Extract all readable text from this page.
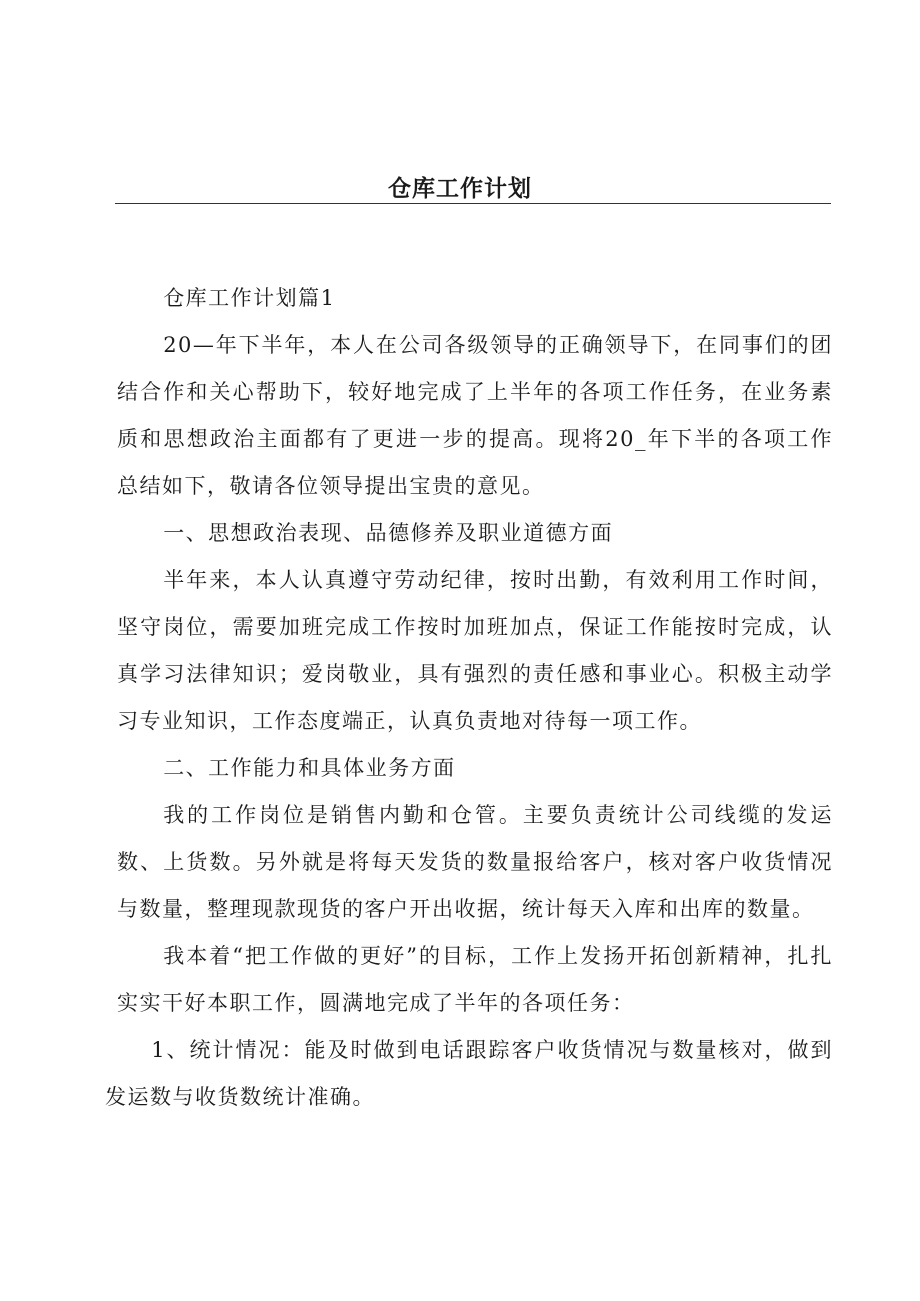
仓库工作计划

仓库工作计划篇1

20—年下半年，本人在公司各级领导的正确领导下，在同事们的团结合作和关心帮助下，较好地完成了上半年的各项工作任务，在业务素质和思想政治主面都有了更进一步的提高。现将20_年下半的各项工作总结如下，敬请各位领导提出宝贵的意见。

一、思想政治表现、品德修养及职业道德方面

半年来，本人认真遵守劳动纪律，按时出勤，有效利用工作时间，坚守岗位，需要加班完成工作按时加班加点，保证工作能按时完成，认真学习法律知识；爱岗敬业，具有强烈的责任感和事业心。积极主动学习专业知识，工作态度端正，认真负责地对待每一项工作。

二、工作能力和具体业务方面

我的工作岗位是销售内勤和仓管。主要负责统计公司线缆的发运数、上货数。另外就是将每天发货的数量报给客户，核对客户收货情况与数量，整理现款现货的客户开出收据，统计每天入库和出库的数量。

我本着“把工作做的更好”的目标，工作上发扬开拓创新精神，扎扎实实干好本职工作，圆满地完成了半年的各项任务：

1、统计情况：能及时做到电话跟踪客户收货情况与数量核对，做到发运数与收货数统计准确。
